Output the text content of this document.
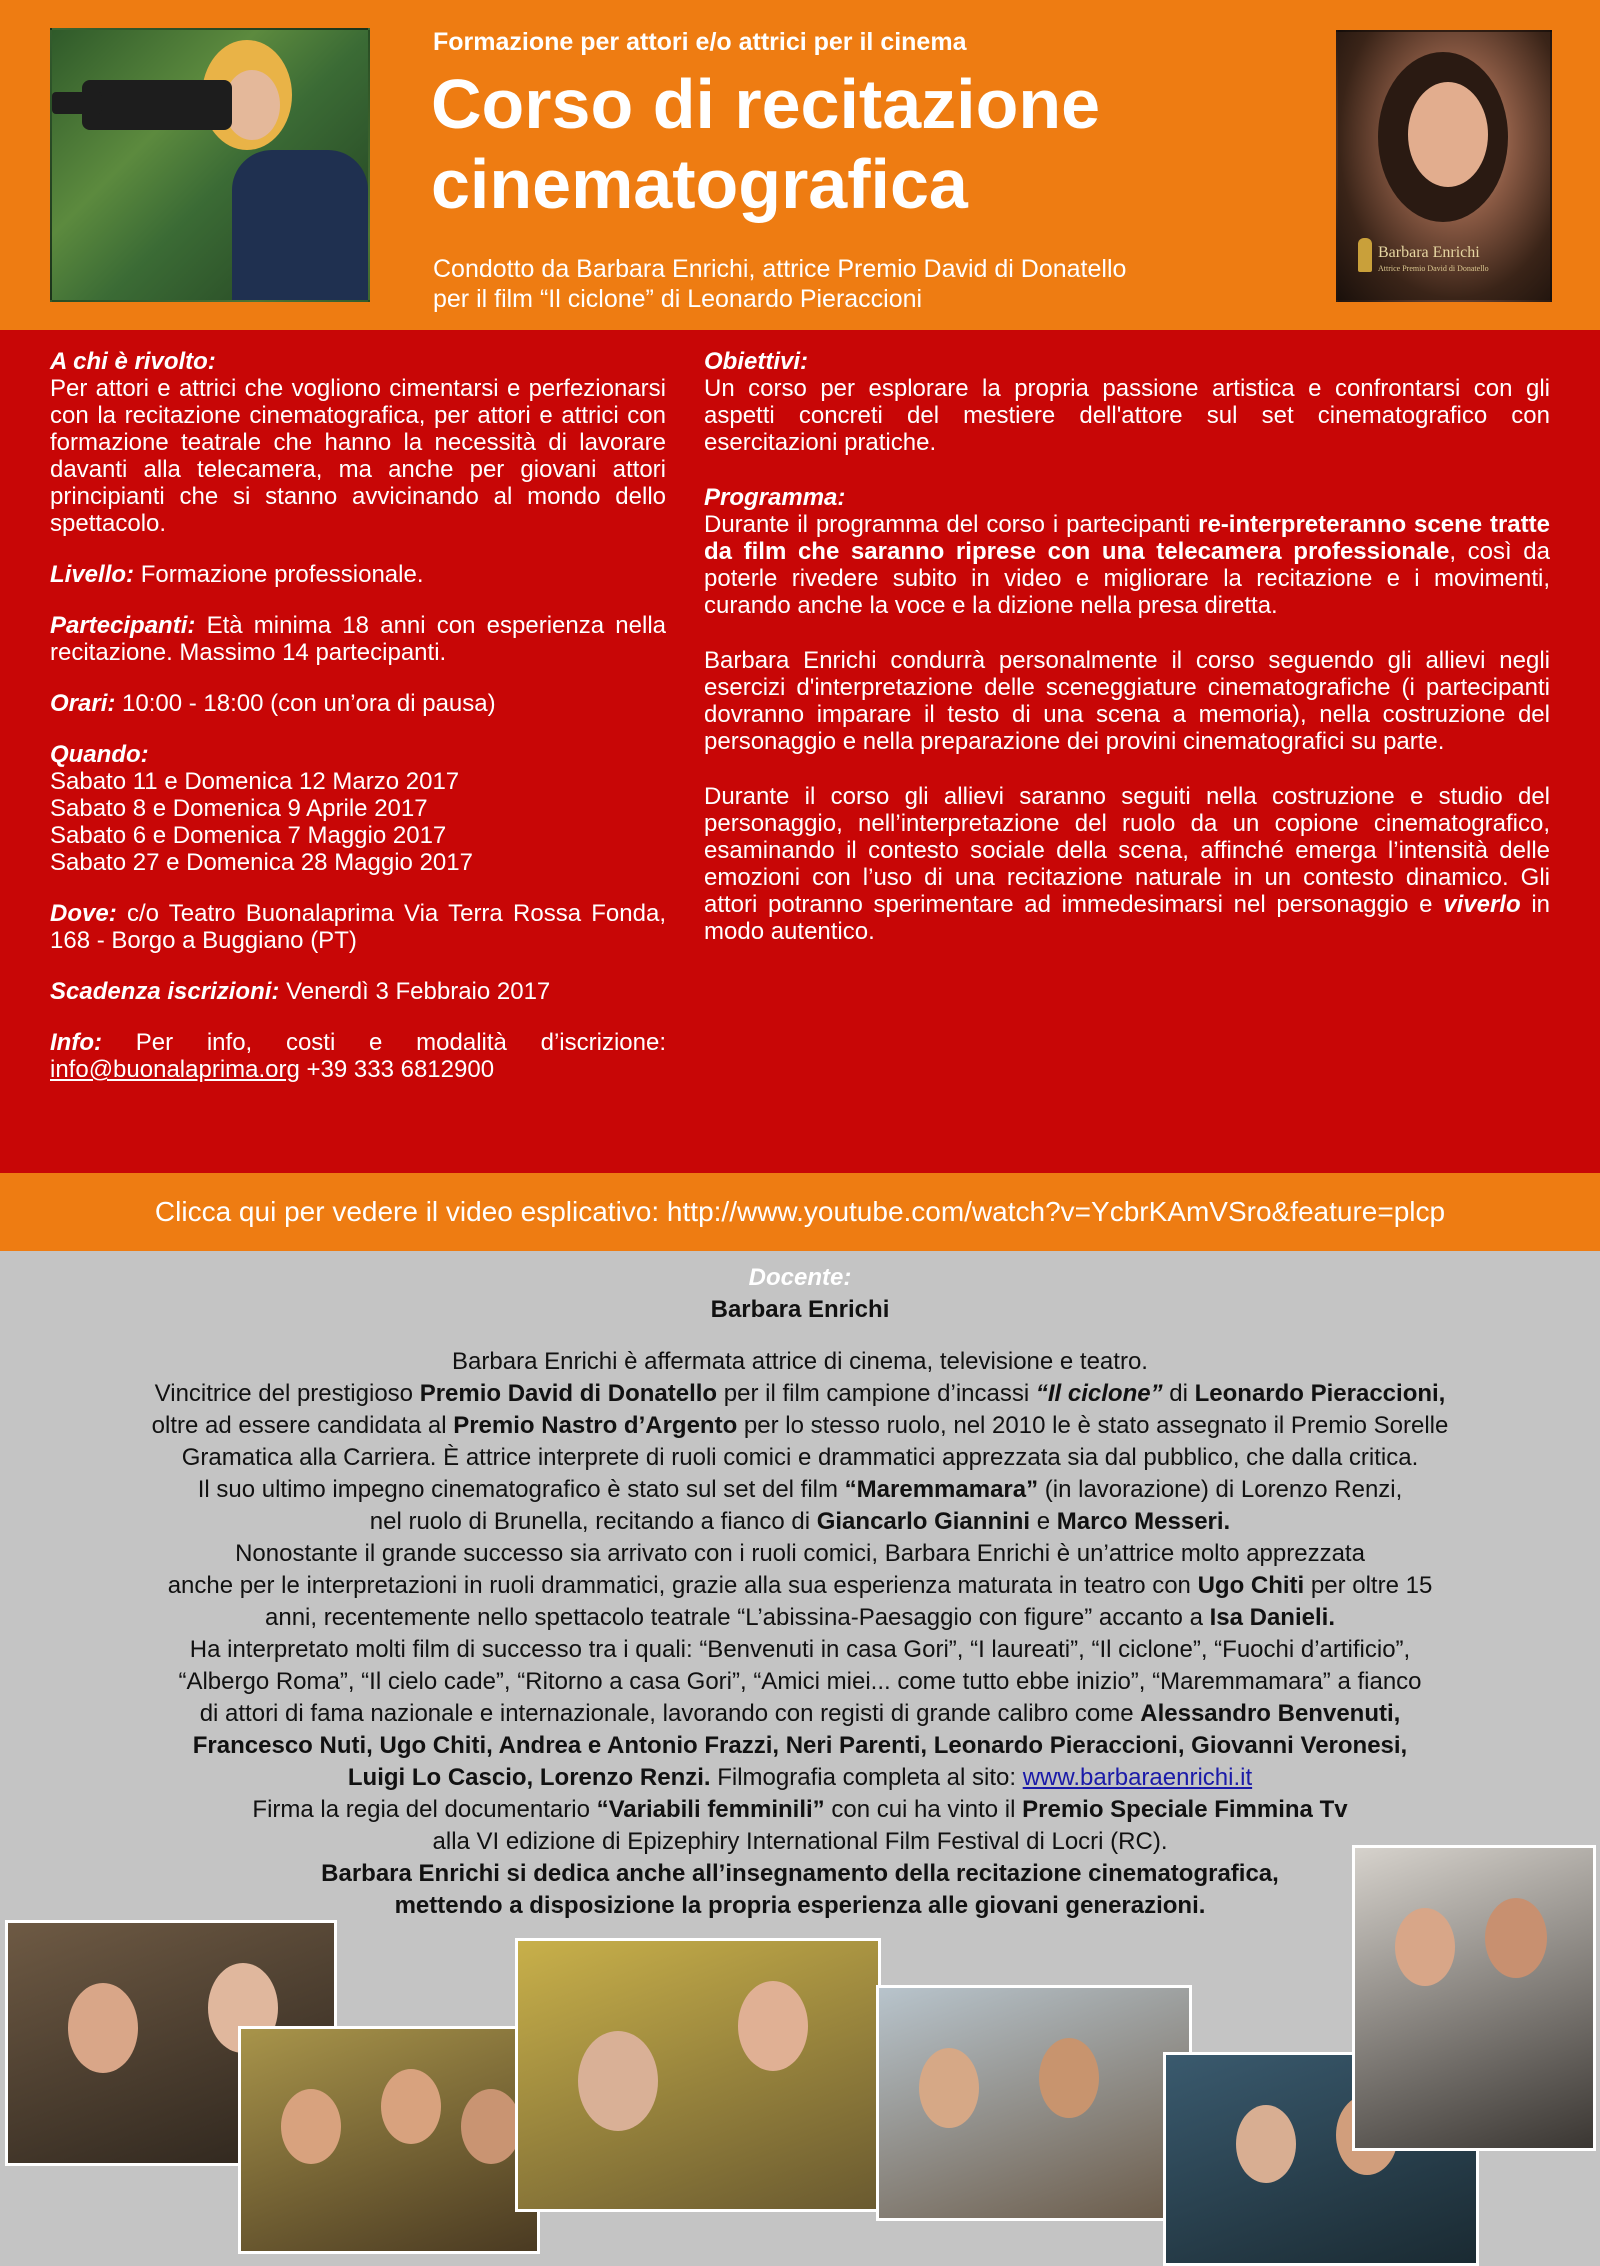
Formazione per attori e/o attrici per il cinema
Corso di recitazione
cinematografica
Condotto da Barbara Enrichi, attrice Premio David di Donatello
per il film “Il ciclone” di Leonardo Pieraccioni
Barbara Enrichi
Attrice Premio David di Donatello

A chi è rivolto:
Per attori e attrici che vogliono cimentarsi e perfezionarsi con la recitazione cinematografica, per attori e attrici con formazione teatrale che hanno la necessità di lavorare davanti alla telecamera, ma anche per giovani attori principianti che si stanno avvicinando al mondo dello spettacolo.

Livello: Formazione professionale.

Partecipanti: Età minima 18 anni con esperienza nella recitazione. Massimo 14 partecipanti.

Orari: 10:00 - 18:00 (con un’ora di pausa)

Quando:
Sabato 11 e Domenica 12 Marzo 2017
Sabato 8 e Domenica 9 Aprile 2017
Sabato 6 e Domenica 7 Maggio 2017
Sabato 27 e Domenica 28 Maggio 2017

Dove: c/o Teatro Buonalaprima Via Terra Rossa Fonda, 168 - Borgo a Buggiano (PT)

Scadenza iscrizioni: Venerdì 3 Febbraio 2017

Info: Per info, costi e modalità d’iscrizione: info@buonalaprima.org +39 333 6812900

Obiettivi:
Un corso per esplorare la propria passione artistica e confrontarsi con gli aspetti concreti del mestiere dell'attore sul set cinematografico con esercitazioni pratiche.

Programma:
Durante il programma del corso i partecipanti re-interpreteranno scene tratte da film che saranno riprese con una telecamera professionale, così da poterle rivedere subito in video e migliorare la recitazione e i movimenti, curando anche la voce e la dizione nella presa diretta.

Barbara Enrichi condurrà personalmente il corso seguendo gli allievi negli esercizi d'interpretazione delle sceneggiature cinematografiche (i partecipanti dovranno imparare il testo di una scena a memoria), nella costruzione del personaggio e nella preparazione dei provini cinematografici su parte.

Durante il corso gli allievi saranno seguiti nella costruzione e studio del personaggio, nell’interpretazione del ruolo da un copione cinematografico, esaminando il contesto sociale della scena, affinché emerga l’intensità delle emozioni con l’uso di una recitazione naturale in un contesto dinamico. Gli attori potranno sperimentare ad immedesimarsi nel personaggio e viverlo in modo autentico.

Clicca qui per vedere il video esplicativo: http://www.youtube.com/watch?v=YcbrKAmVSro&feature=plcp
Docente:
Barbara Enrichi

Barbara Enrichi è affermata attrice di cinema, televisione e teatro.

Vincitrice del prestigioso Premio David di Donatello per il film campione d’incassi “Il ciclone” di Leonardo Pieraccioni,

oltre ad essere candidata al Premio Nastro d’Argento per lo stesso ruolo, nel 2010 le è stato assegnato il Premio Sorelle

Gramatica alla Carriera. È attrice interprete di ruoli comici e drammatici apprezzata sia dal pubblico, che dalla critica.

Il suo ultimo impegno cinematografico è stato sul set del film “Maremmamara” (in lavorazione) di Lorenzo Renzi,

nel ruolo di Brunella, recitando a fianco di Giancarlo Giannini e Marco Messeri.

Nonostante il grande successo sia arrivato con i ruoli comici, Barbara Enrichi è un’attrice molto apprezzata

anche per le interpretazioni in ruoli drammatici, grazie alla sua esperienza maturata in teatro con Ugo Chiti per oltre 15

anni, recentemente nello spettacolo teatrale “L’abissina-Paesaggio con figure” accanto a Isa Danieli.

Ha interpretato molti film di successo tra i quali: “Benvenuti in casa Gori”, “I laureati”, “Il ciclone”, “Fuochi d’artificio”,

“Albergo Roma”, “Il cielo cade”, “Ritorno a casa Gori”, “Amici miei... come tutto ebbe inizio”, “Maremmamara” a fianco

di attori di fama nazionale e internazionale, lavorando con registi di grande calibro come Alessandro Benvenuti,

Francesco Nuti, Ugo Chiti, Andrea e Antonio Frazzi, Neri Parenti, Leonardo Pieraccioni, Giovanni Veronesi,

Luigi Lo Cascio, Lorenzo Renzi. Filmografia completa al sito: www.barbaraenrichi.it

Firma la regia del documentario “Variabili femminili” con cui ha vinto il Premio Speciale Fimmina Tv

alla VI edizione di Epizephiry International Film Festival di Locri (RC).

Barbara Enrichi si dedica anche all’insegnamento della recitazione cinematografica,

mettendo a disposizione la propria esperienza alle giovani generazioni.
